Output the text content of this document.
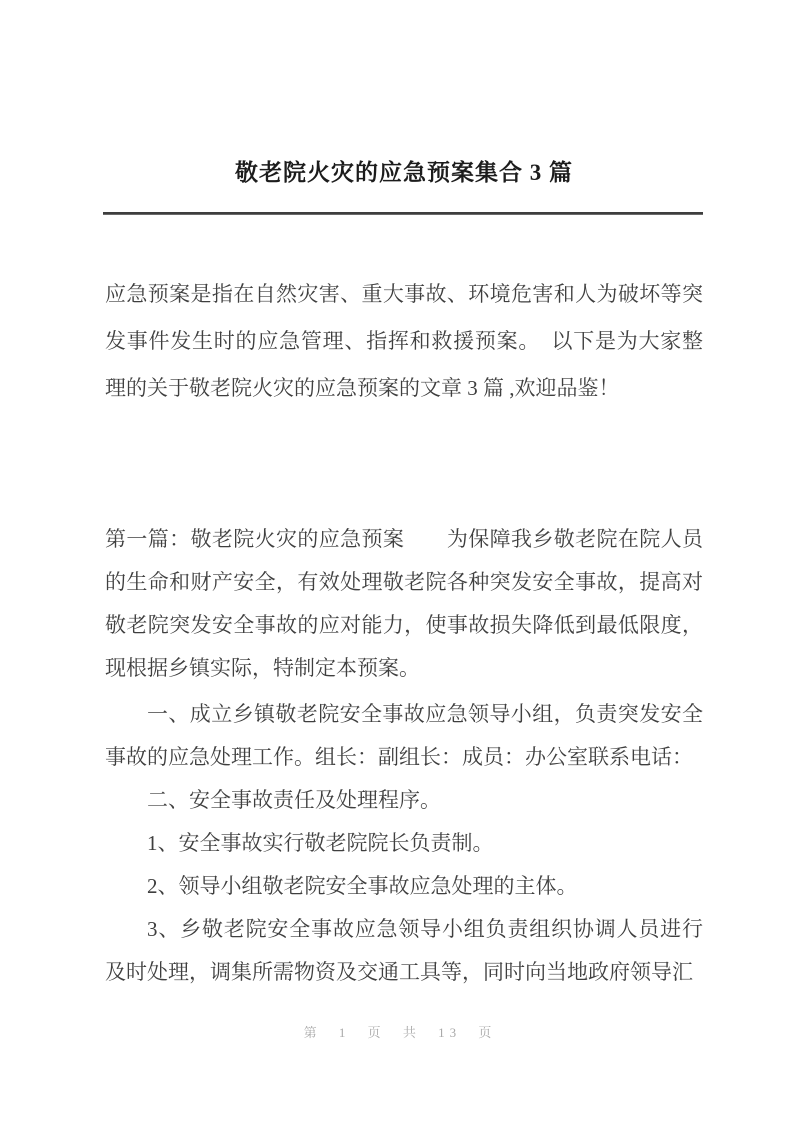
敬老院火灾的应急预案集合 3 篇

应急预案是指在自然灾害、重大事故、环境危害和人为破坏等突发事件发生时的应急管理、指挥和救援预案。　以下是为大家整理的关于敬老院火灾的应急预案的文章 3 篇 ,欢迎品鉴！

第一篇：敬老院火灾的应急预案　　为保障我乡敬老院在院人员的生命和财产安全，有效处理敬老院各种突发安全事故，提高对敬老院突发安全事故的应对能力，使事故损失降低到最低限度，现根据乡镇实际，特制定本预案。

一、成立乡镇敬老院安全事故应急领导小组，负责突发安全事故的应急处理工作。组长：副组长：成员：办公室联系电话：

二、安全事故责任及处理程序。

1、安全事故实行敬老院院长负责制。

2、领导小组敬老院安全事故应急处理的主体。

3、乡敬老院安全事故应急领导小组负责组织协调人员进行及时处理，调集所需物资及交通工具等，同时向当地政府领导汇

第 1 页 共 13 页
